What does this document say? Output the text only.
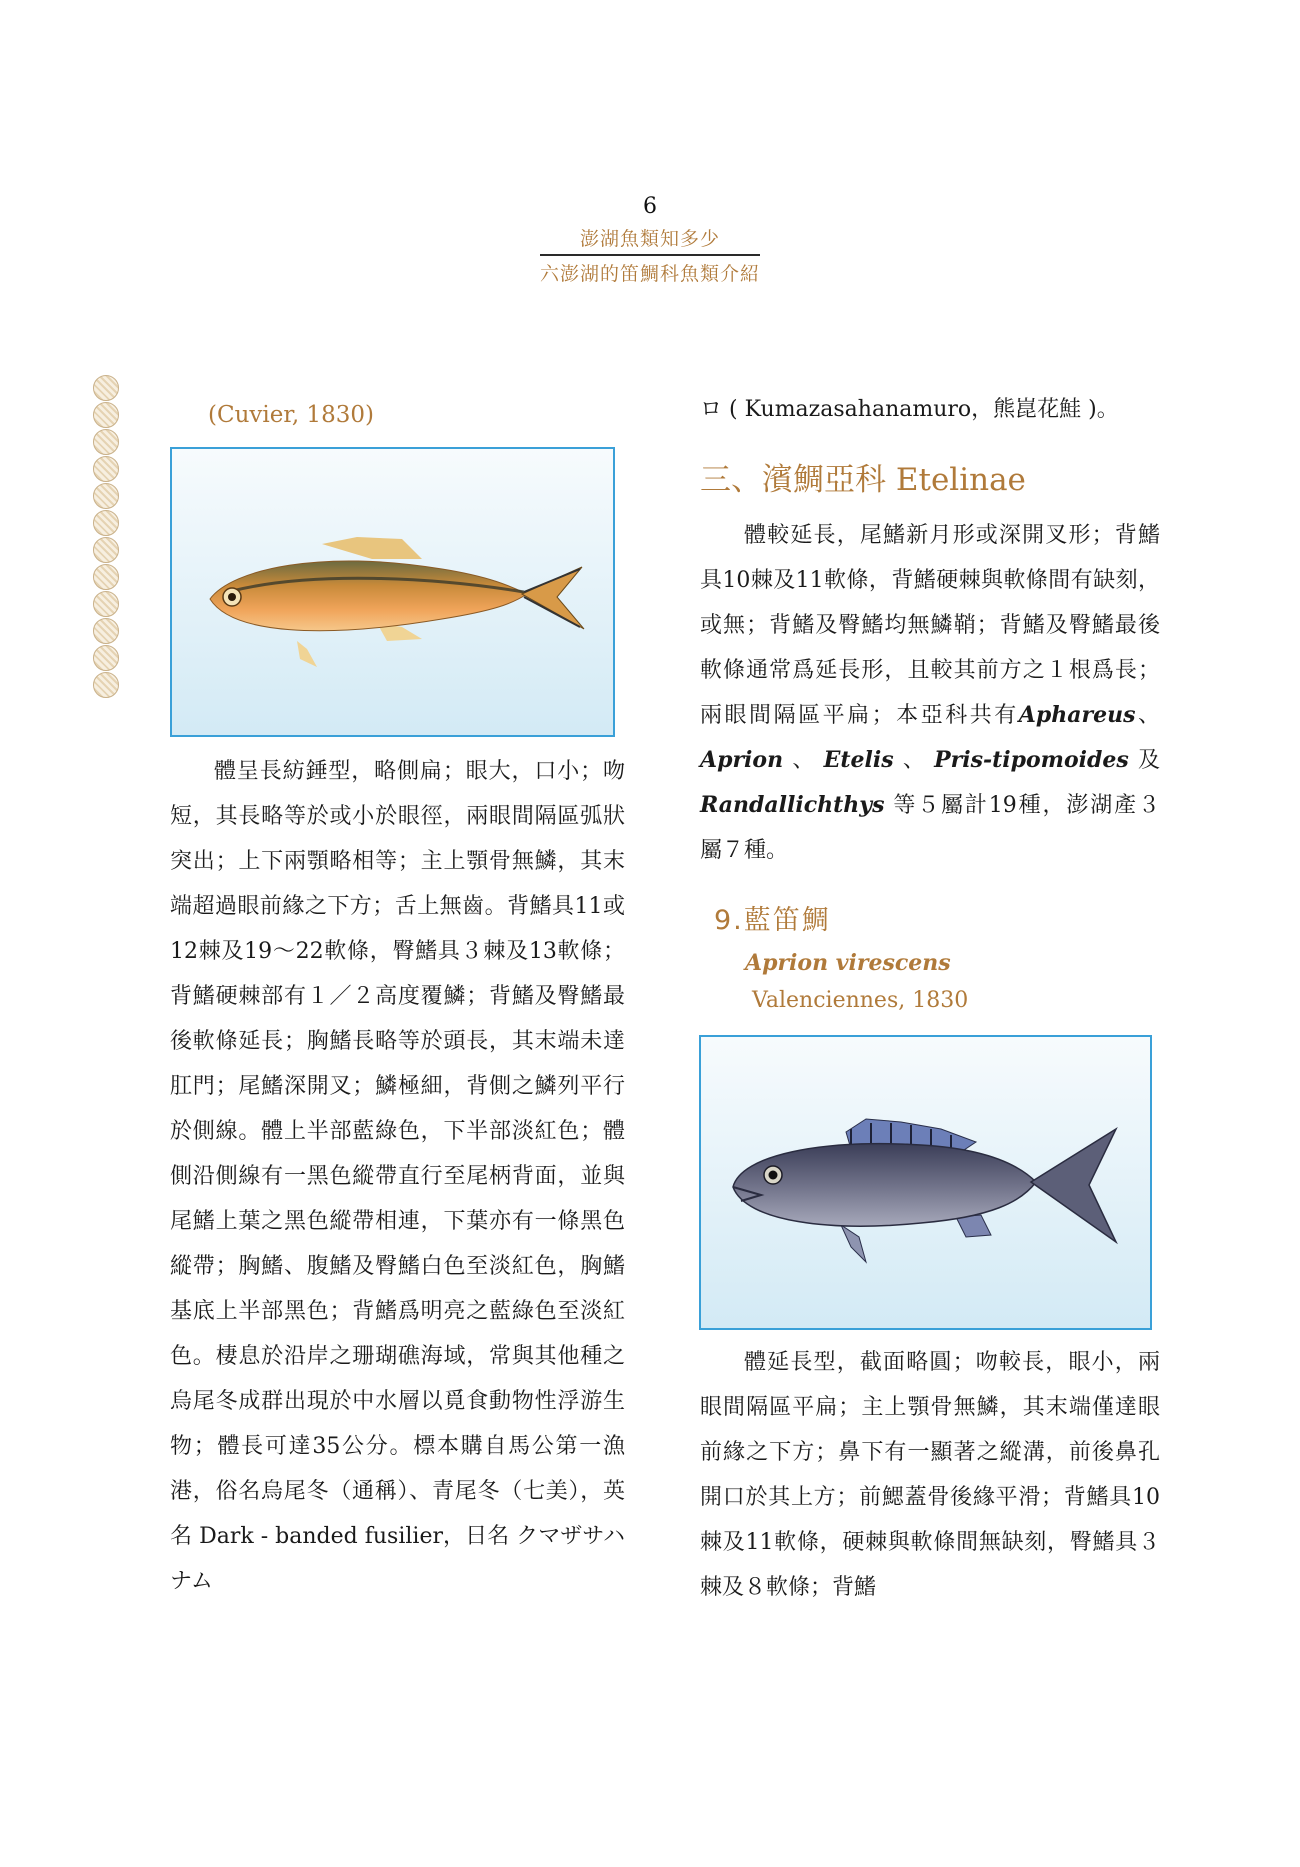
6
澎湖魚類知多少
六澎湖的笛鯛科魚類介紹
(Cuvier, 1830)

體呈長紡錘型，略側扁；眼大，口小；吻短，其長略等於或小於眼徑，兩眼間隔區弧狀突出；上下兩顎略相等；主上顎骨無鱗，其末端超過眼前緣之下方；舌上無齒。背鰭具11或12棘及19～22軟條，臀鰭具３棘及13軟條；背鰭硬棘部有１／２高度覆鱗；背鰭及臀鰭最後軟條延長；胸鰭長略等於頭長，其末端未達肛門；尾鰭深開叉；鱗極細，背側之鱗列平行於側線。體上半部藍綠色，下半部淡紅色；體側沿側線有一黑色縱帶直行至尾柄背面，並與尾鰭上葉之黑色縱帶相連，下葉亦有一條黑色縱帶；胸鰭、腹鰭及臀鰭白色至淡紅色，胸鰭基底上半部黑色；背鰭爲明亮之藍綠色至淡紅色。棲息於沿岸之珊瑚礁海域，常與其他種之烏尾冬成群出現於中水層以覓食動物性浮游生物；體長可達35公分。標本購自馬公第一漁港，俗名烏尾冬（通稱）、青尾冬（七美），英名 Dark - banded fusilier，日名 クマザサハナム

ロ ( Kumazasahanamuro，熊崑花鮭 )。
三、濱鯛亞科 Etelinae

體較延長，尾鰭新月形或深開叉形；背鰭具10棘及11軟條，背鰭硬棘與軟條間有缺刻，或無；背鰭及臀鰭均無鱗鞘；背鰭及臀鰭最後軟條通常爲延長形，且較其前方之１根爲長；兩眼間隔區平扁；本亞科共有Aphareus、Aprion、Etelis、Pris-tipomoides及Randallichthys 等５屬計19種，澎湖產３屬７種。

9.藍笛鯛
Aprion virescens
Valenciennes, 1830

體延長型，截面略圓；吻較長，眼小，兩眼間隔區平扁；主上顎骨無鱗，其末端僅達眼前緣之下方；鼻下有一顯著之縱溝，前後鼻孔開口於其上方；前鰓蓋骨後緣平滑；背鰭具10棘及11軟條，硬棘與軟條間無缺刻，臀鰭具３棘及８軟條；背鰭
